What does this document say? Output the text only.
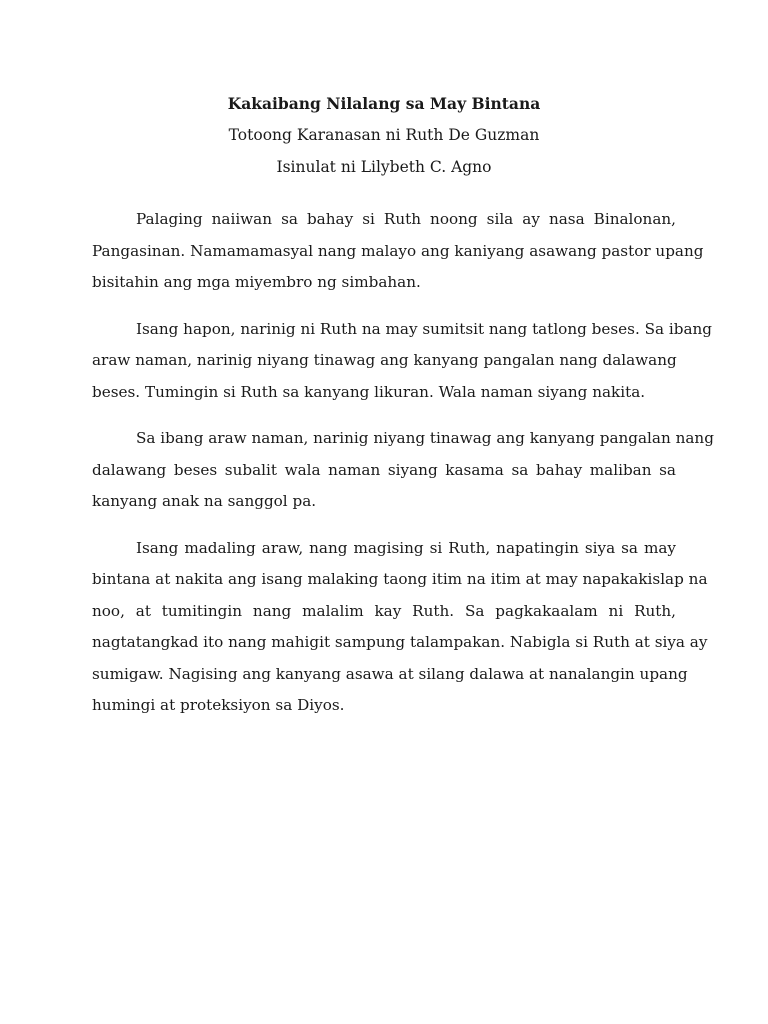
Kakaibang Nilalang sa May Bintana
Totoong Karanasan ni Ruth De Guzman
Isinulat ni Lilybeth C. Agno

Palaging naiiwan sa bahay si Ruth noong sila ay nasa Binalonan,
Pangasinan. Namamamasyal nang malayo ang kaniyang asawang pastor upang
bisitahin ang mga miyembro ng simbahan.

Isang hapon, narinig ni Ruth na may sumitsit nang tatlong beses. Sa ibang
araw naman, narinig niyang tinawag ang kanyang pangalan nang dalawang
beses. Tumingin si Ruth sa kanyang likuran. Wala naman siyang nakita.

Sa ibang araw naman, narinig niyang tinawag ang kanyang pangalan nang
dalawang beses subalit wala naman siyang kasama sa bahay maliban sa
kanyang anak na sanggol pa.

Isang madaling araw, nang magising si Ruth, napatingin siya sa may
bintana at nakita ang isang malaking taong itim na itim at may napakakislap na
noo, at tumitingin nang malalim kay Ruth. Sa pagkakaalam ni Ruth,
nagtatangkad ito nang mahigit sampung talampakan. Nabigla si Ruth at siya ay
sumigaw. Nagising ang kanyang asawa at silang dalawa at nanalangin upang
humingi at proteksiyon sa Diyos.
